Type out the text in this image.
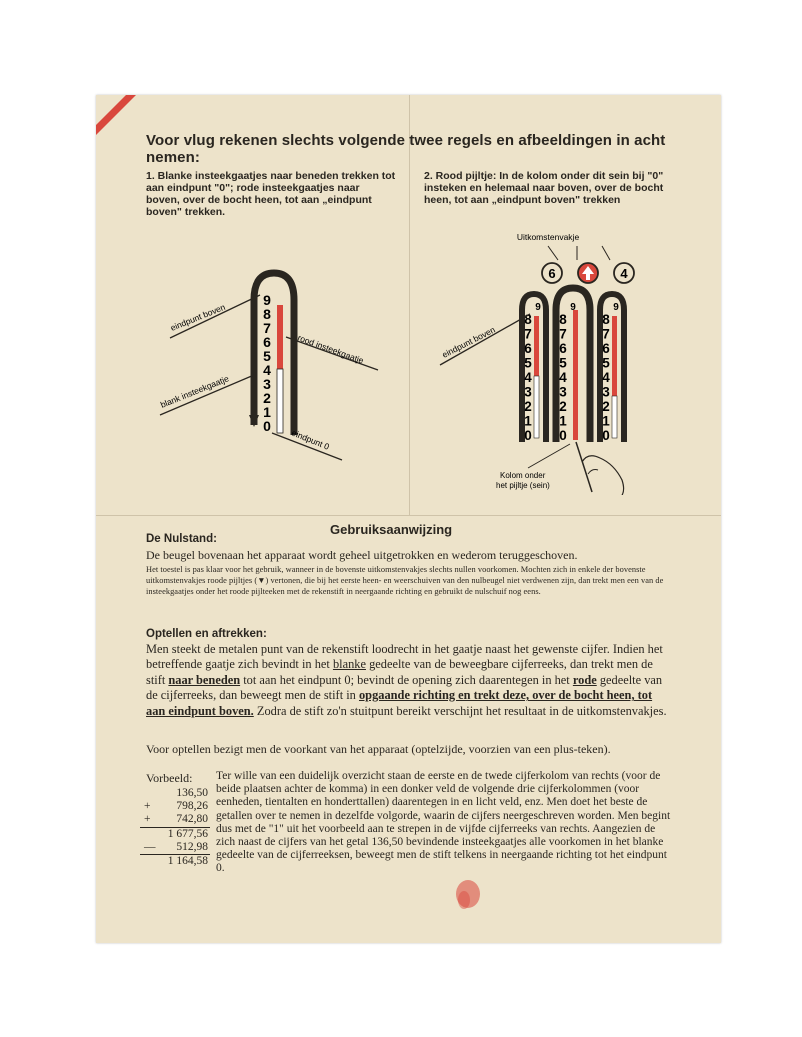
Voor vlug rekenen slechts volgende twee regels en afbeeldingen in acht nemen:

1. Blanke insteekgaatjes naar beneden trekken tot aan eindpunt "0"; rode insteekgaatjes naar boven, over de bocht heen, tot aan „eindpunt boven" trekken.

2. Rood pijltje: In de kolom onder dit sein bij "0" insteken en helemaal naar boven, over de bocht heen, tot aan „eindpunt boven" trekken

9
8
7
6
5
4
3
2
1
0
eindpunt boven
rood insteekgaatje
blank insteekgaatje
eindpunt 0
Uitkomstenvakje
6	4
8
7
6
5
4
3
2
1
0
9
8
7
6
5
4
3
2
1
0
9
8
7
6
5
4
3
2
1
0
9
eindpunt boven
Kolom onder
het pijltje (sein)

Gebruiksaanwijzing

De Nulstand:

De beugel bovenaan het apparaat wordt geheel uitgetrokken en wederom teruggeschoven.

Het toestel is pas klaar voor het gebruik, wanneer in de bovenste uitkomstenvakjes slechts nullen voorkomen. Mochten zich in enkele der bovenste uitkomstenvakjes roode pijltjes (▼) vertonen, die bij het eerste heen- en weerschuiven van den nulbeugel niet verdwenen zijn, dan trekt men een van de insteekgaatjes onder het roode pijlteeken met de rekenstift in neergaande richting en gebruikt de nulschuif nog eens.

Optellen en aftrekken:

Men steekt de metalen punt van de rekenstift loodrecht in het gaatje naast het gewenste cijfer. Indien het betreffende gaatje zich bevindt in het blanke gedeelte van de beweegbare cijferreeks, dan trekt men de stift naar beneden tot aan het eindpunt 0; bevindt de opening zich daarentegen in het rode gedeelte van de cijferreeks, dan beweegt men de stift in opgaande richting en trekt deze, over de bocht heen, tot aan eindpunt boven. Zodra de stift zo'n stuitpunt bereikt verschijnt het resultaat in de uitkomstenvakjes.

Voor optellen bezigt men de voorkant van het apparaat (optelzijde, voorzien van een plus-teken).

Vorbeeld:

136,50
+ 798,26
+ 742,80
1 677,56
— 512,98
1 164,58

Ter wille van een duidelijk overzicht staan de eerste en de twede cijferkolom van rechts (voor de beide plaatsen achter de komma) in een donker veld de volgende drie cijferkolommen (voor eenheden, tientalten en honderttallen) daarentegen in en licht veld, enz. Men doet het beste de getallen over te nemen in dezelfde volgorde, waarin de cijfers neergeschreven worden. Men begint dus met de "1" uit het voorbeeld aan te strepen in de vijfde cijferreeks van rechts. Aangezien de zich naast de cijfers van het getal 136,50 bevindende insteekgaatjes alle voorkomen in het blanke gedeelte van de cijferreeksen, beweegt men de stift telkens in neergaande richting tot het eindpunt 0.
